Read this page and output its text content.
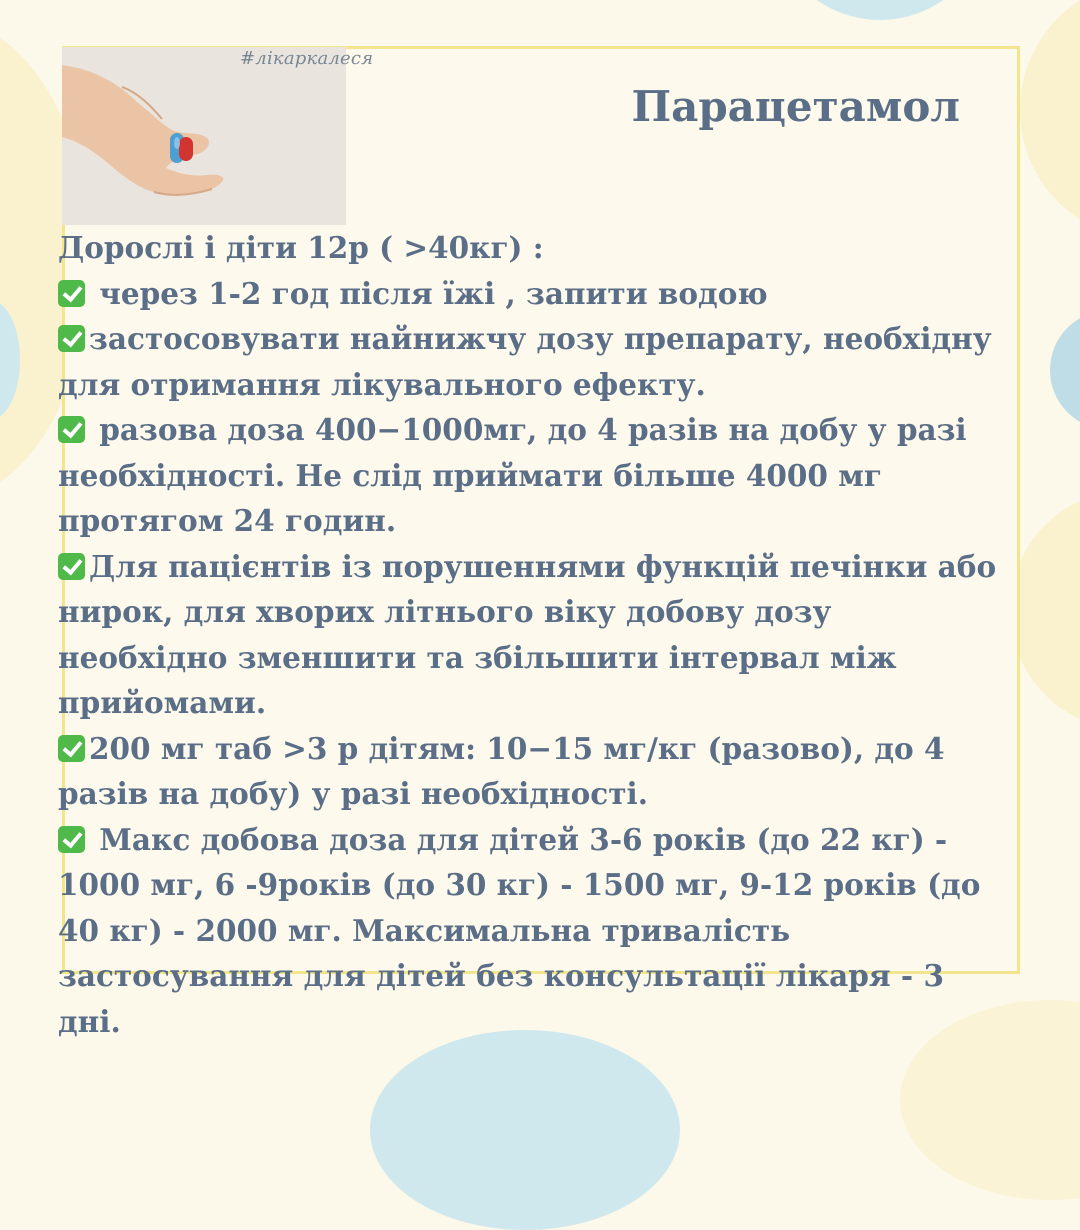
#лікаркалеся
Парацетамол

Дорослі і діти 12р ( >40кг) :

через 1-2 год після їжі , запити водою

застосовувати найнижчу дозу препарату, необхідну для отримання лікувального ефекту.

разова доза 400−1000мг, до 4 разів на добу у разі необхідності. Не слід приймати більше 4000 мг протягом 24 годин.

Для пацієнтів із порушеннями функцій печінки або нирок, для хворих літнього віку добову дозу необхідно зменшити та збільшити інтервал між прийомами.

200 мг таб >3 р дітям: 10−15 мг/кг (разово), до 4 разів на добу) у разі необхідності.

Макс добова доза для дітей 3-6 років (до 22 кг) - 1000 мг, 6 -9років (до 30 кг) - 1500 мг, 9-12 років (до 40 кг) - 2000 мг. Максимальна тривалість застосування для дітей без консультації лікаря - 3 дні.
